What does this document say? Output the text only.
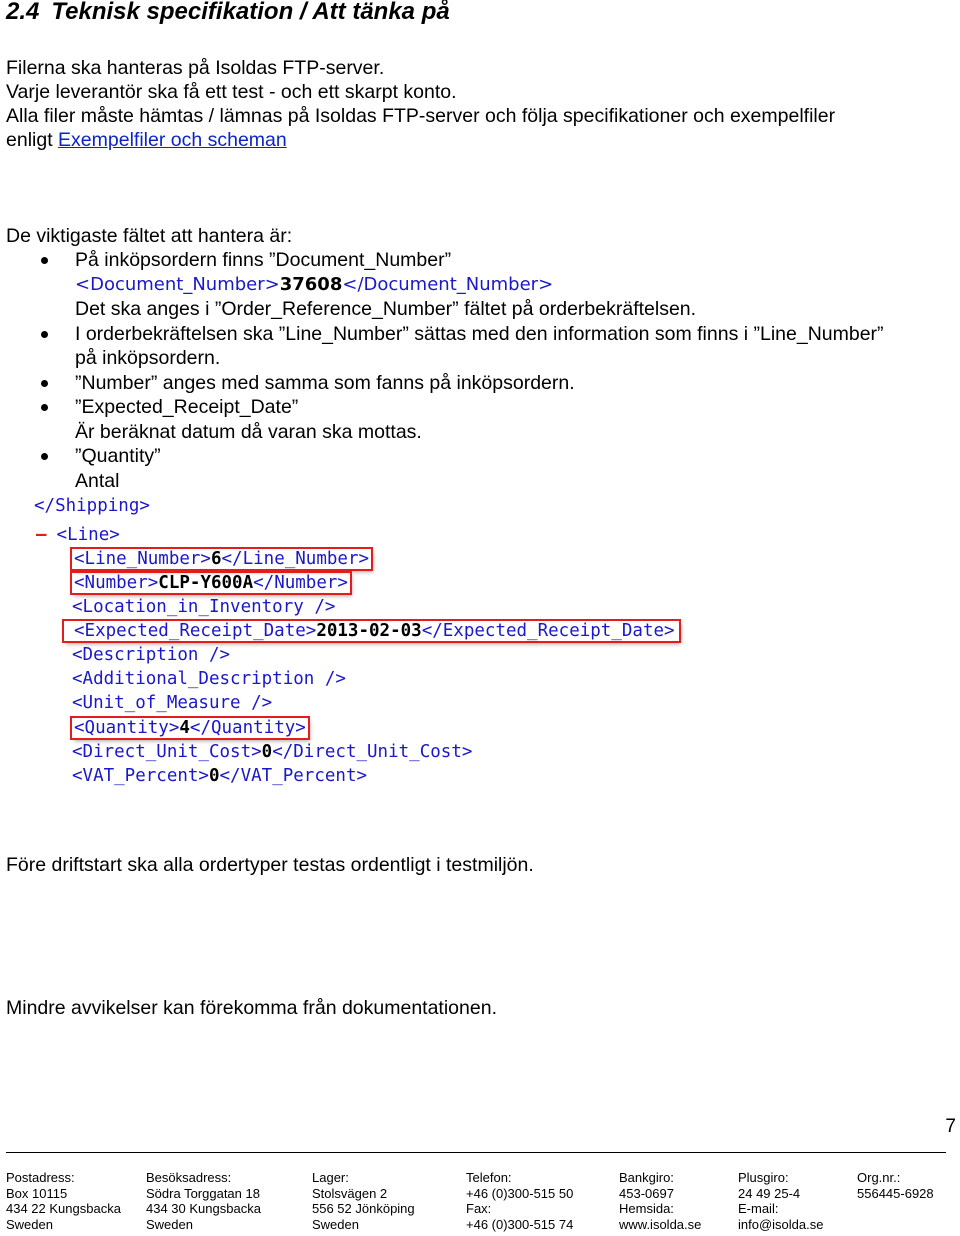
2.4 Teknisk specifikation / Att tänka på
Filerna ska hanteras på Isoldas FTP-server.
Varje leverantör ska få ett test - och ett skarpt konto.
Alla filer måste hämtas / lämnas på Isoldas FTP-server och följa specifikationer och exempelfiler
enligt Exempelfiler och scheman

De viktigaste fältet att hantera är:

På inköpsordern finns ”Document_Number”
<Document_Number>37608</Document_Number>
Det ska anges i ”Order_Reference_Number” fältet på orderbekräftelsen.
I orderbekräftelsen ska ”Line_Number” sättas med den information som finns i ”Line_Number”
på inköpsordern.
”Number” anges med samma som fanns på inköpsordern.
”Expected_Receipt_Date”
Är beräknat datum då varan ska mottas.
”Quantity”
Antal
</Shipping>
– <Line>
<Line_Number>6</Line_Number>
<Number>CLP-Y600A</Number>
<Location_in_Inventory />
<Expected_Receipt_Date>2013-02-03</Expected_Receipt_Date>
<Description />
<Additional_Description />
<Unit_of_Measure />
<Quantity>4</Quantity>
<Direct_Unit_Cost>0</Direct_Unit_Cost>
<VAT_Percent>0</VAT_Percent>

Före driftstart ska alla ordertyper testas ordentligt i testmiljön.

Mindre avvikelser kan förekomma från dokumentationen.

7
Postadress:
Box 10115
434 22 Kungsbacka
Sweden
Besöksadress:
Södra Torggatan 18
434 30 Kungsbacka
Sweden
Lager:
Stolsvägen 2
556 52 Jönköping
Sweden
Telefon:
+46 (0)300-515 50
Fax:
+46 (0)300-515 74
Bankgiro:
453-0697
Hemsida:
www.isolda.se
Plusgiro:
24 49 25-4
E-mail:
info@isolda.se
Org.nr.:
556445-6928
